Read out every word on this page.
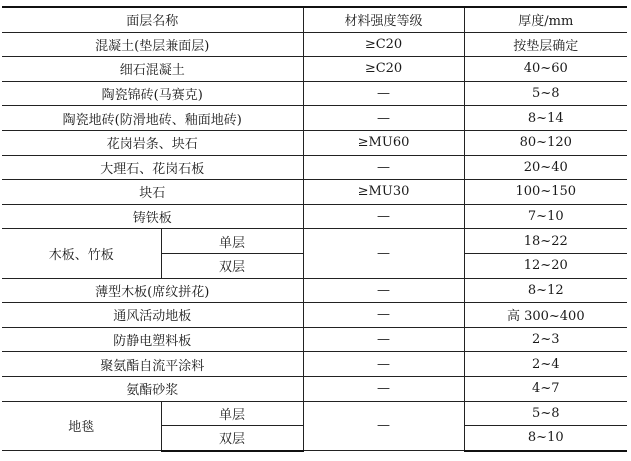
面层名称		材料强度等级	厚度/mm
混凝土(垫层兼面层)		≥C20	按垫层确定
细石混凝土		≥C20	40~60
陶瓷锦砖(马赛克)		—	5~8
陶瓷地砖(防滑地砖、釉面地砖)		—	8~14
花岗岩条、块石		≥MU60	80~120
大理石、花岗石板		—	20~40
块石		≥MU30	100~150
铸铁板		—	7~10
木板、竹板	单层	—	18~22
	双层		12~20
薄型木板(席纹拼花)		—	8~12
通风活动地板		—	高 300~400
防静电塑料板		—	2~3
聚氨酯自流平涂料		—	2~4
氨酯砂浆		—	4~7
地毯	单层	—	5~8
	双层		8~10
